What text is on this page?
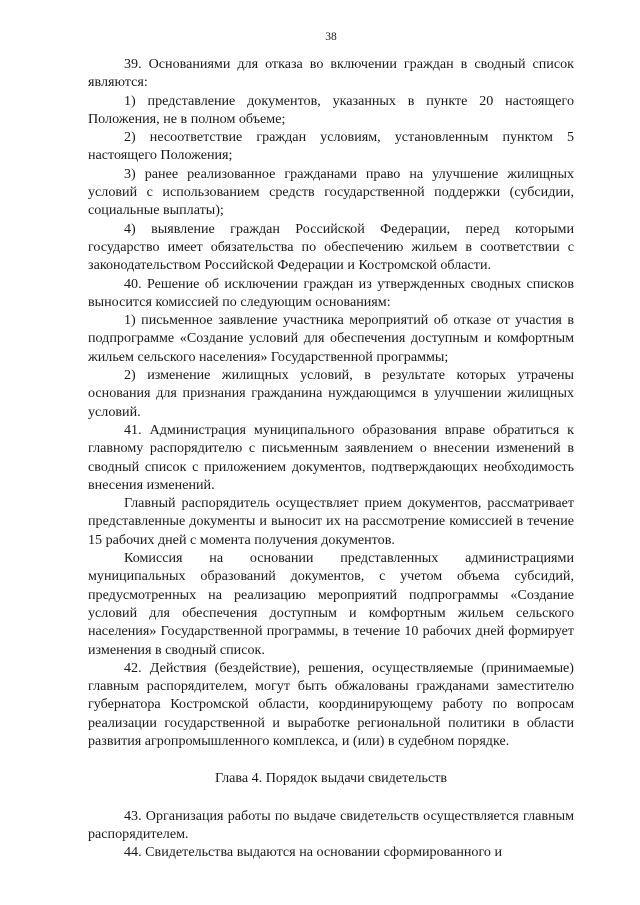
38

39. Основаниями для отказа во включении граждан в сводный список являются:

1) представление документов, указанных в пункте 20 настоящего Положения, не в полном объеме;

2) несоответствие граждан условиям, установленным пунктом 5 настоящего Положения;

3) ранее реализованное гражданами право на улучшение жилищных условий с использованием средств государственной поддержки (субсидии, социальные выплаты);

4) выявление граждан Российской Федерации, перед которыми государство имеет обязательства по обеспечению жильем в соответствии с законодательством Российской Федерации и Костромской области.

40. Решение об исключении граждан из утвержденных сводных списков выносится комиссией по следующим основаниям:

1) письменное заявление участника мероприятий об отказе от участия в подпрограмме «Создание условий для обеспечения доступным и комфортным жильем сельского населения» Государственной программы;

2) изменение жилищных условий, в результате которых утрачены основания для признания гражданина нуждающимся в улучшении жилищных условий.

41. Администрация муниципального образования вправе обратиться к главному распорядителю с письменным заявлением о внесении изменений в сводный список с приложением документов, подтверждающих необходимость внесения изменений.

Главный распорядитель осуществляет прием документов, рассматривает представленные документы и выносит их на рассмотрение комиссией в течение 15 рабочих дней с момента получения документов.

Комиссия на основании представленных администрациями муниципальных образований документов, с учетом объема субсидий, предусмотренных на реализацию мероприятий подпрограммы «Создание условий для обеспечения доступным и комфортным жильем сельского населения» Государственной программы, в течение 10 рабочих дней формирует изменения в сводный список.

42. Действия (бездействие), решения, осуществляемые (принимаемые) главным распорядителем, могут быть обжалованы гражданами заместителю губернатора Костромской области, координирующему работу по вопросам реализации государственной и выработке региональной политики в области развития агропромышленного комплекса, и (или) в судебном порядке.

Глава 4. Порядок выдачи свидетельств

43. Организация работы по выдаче свидетельств осуществляется главным распорядителем.

44. Свидетельства выдаются на основании сформированного и
